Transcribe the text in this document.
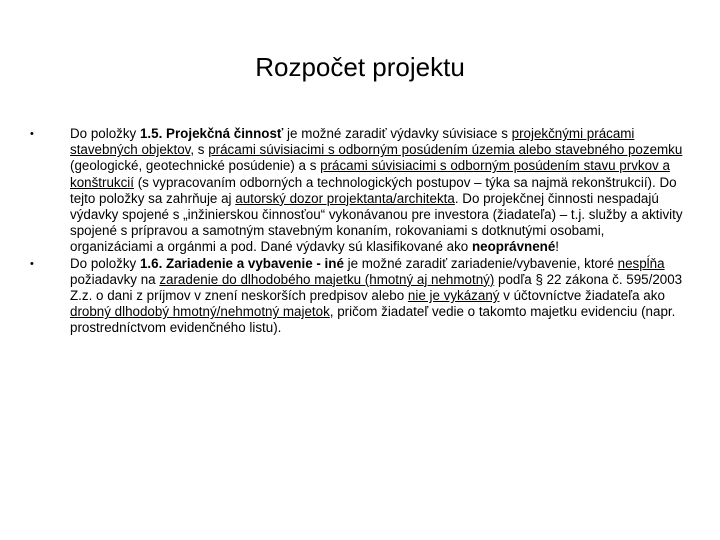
Rozpočet projektu
•	Do položky 1.5. Projekčná činnosť je možné zaradiť výdavky súvisiace s projekčnými prácami stavebných objektov, s prácami súvisiacimi s odborným posúdením územia alebo stavebného pozemku (geologické, geotechnické posúdenie) a s prácami súvisiacimi s odborným posúdením stavu prvkov a konštrukcií (s vypracovaním odborných a technologických postupov – týka sa najmä rekonštrukcií). Do tejto položky sa zahrňuje aj autorský dozor projektanta/architekta. Do projekčnej činnosti nespadajú výdavky spojené s „inžinierskou činnosťou“ vykonávanou pre investora (žiadateľa) – t.j. služby a aktivity spojené s prípravou a samotným stavebným konaním, rokovaniami s dotknutými osobami, organizáciami a orgánmi a pod. Dané výdavky sú klasifikované ako neoprávnené!
•	Do položky 1.6. Zariadenie a vybavenie - iné je možné zaradiť zariadenie/vybavenie, ktoré nespĺňa požiadavky na zaradenie do dlhodobého majetku (hmotný aj nehmotný) podľa § 22 zákona č. 595/2003 Z.z. o dani z príjmov v znení neskorších predpisov alebo nie je vykázaný v účtovníctve žiadateľa ako drobný dlhodobý hmotný/nehmotný majetok, pričom žiadateľ vedie o takomto majetku evidenciu (napr. prostredníctvom evidenčného listu).
